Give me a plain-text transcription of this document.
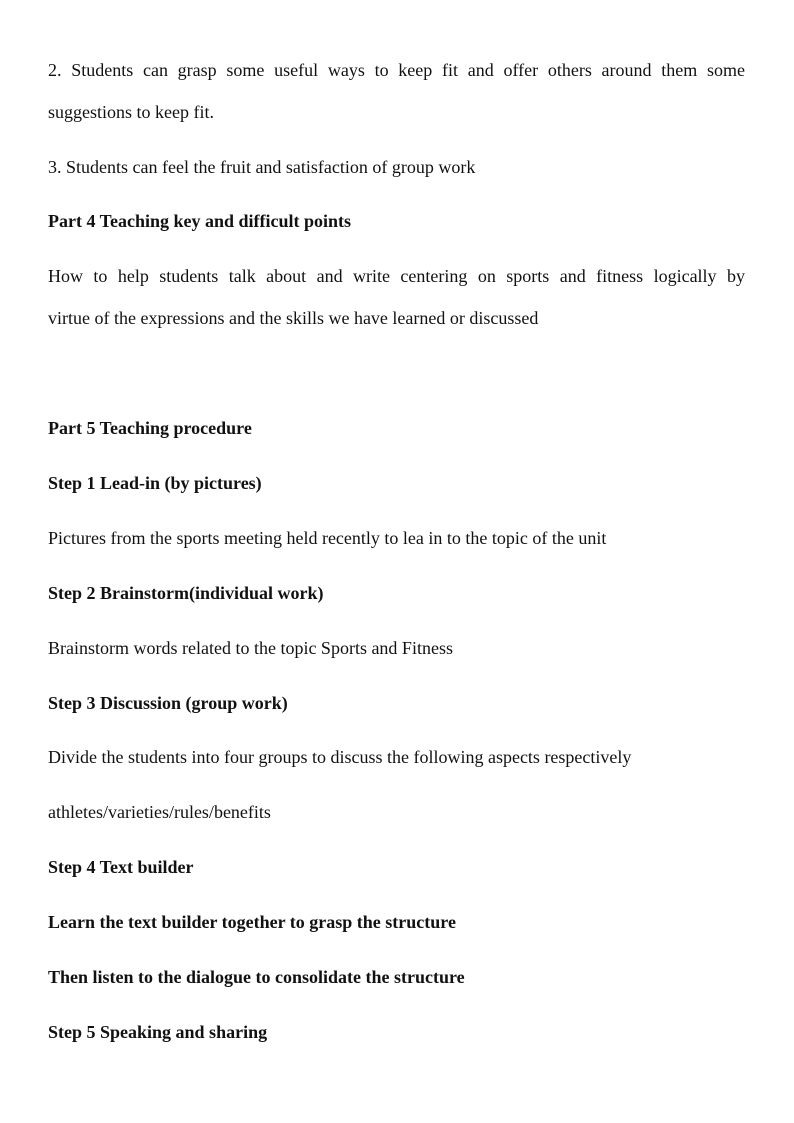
2. Students can grasp some useful ways to keep fit and offer others around them some
suggestions to keep fit.
3. Students can feel the fruit and satisfaction of group work
Part 4 Teaching key and difficult points
How to help students talk about and write centering on sports and fitness logically by
virtue of the expressions and the skills we have learned or discussed
Part 5 Teaching procedure
Step 1 Lead-in (by pictures)
Pictures from the sports meeting held recently to lea in to the topic of the unit
Step 2 Brainstorm(individual work)
Brainstorm words related to the topic Sports and Fitness
Step 3 Discussion (group work)
Divide the students into four groups to discuss the following aspects respectively
athletes/varieties/rules/benefits
Step 4 Text builder
Learn the text builder together to grasp the structure
Then listen to the dialogue to consolidate the structure
Step 5 Speaking and sharing
